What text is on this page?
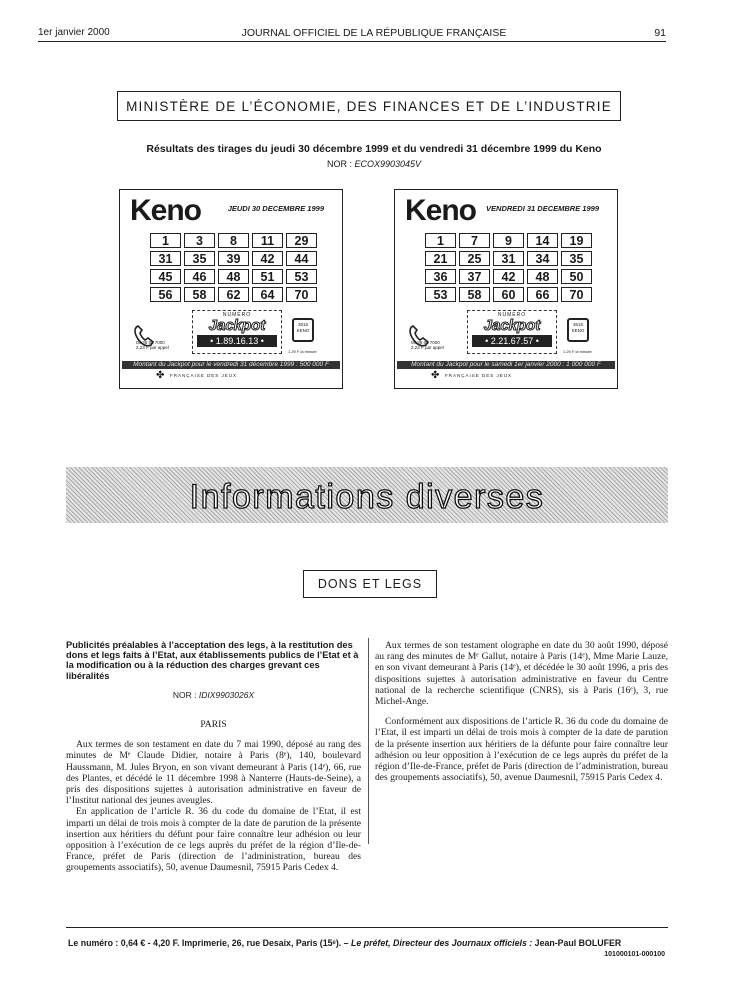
1er janvier 2000	JOURNAL OFFICIEL DE LA RÉPUBLIQUE FRANÇAISE	91
MINISTÈRE DE L’ÉCONOMIE, DES FINANCES ET DE L’INDUSTRIE
Résultats des tirages du jeudi 30 décembre 1999 et du vendredi 31 décembre 1999 du Keno
NOR : ECOX9903045V
Keno	JEUDI 30 DECEMBRE 1999
1	3	8	11	29
31	35	39	42	44
45	46	48	51	53
56	58	62	64	70
08 36 68 7000
2,23 F par appel
NUMERO
Jackpot
• 1.89.16.13 •
3615 KENO
1,29 F la minute
Montant du Jackpot pour le vendredi 31 décembre 1999 : 500 000 F
✤ FRANÇAISE DES JEUX
Keno VENDREDI 31 DECEMBRE 1999
1	7	9	14	19
21	25	31	34	35
36	37	42	48	50
53	58	60	66	70
08 36 68 7000
2,23 F par appel
NUMERO
Jackpot
• 2.21.67.57 •
3615 KENO
1,29 F la minute
Montant du Jackpot pour le samedi 1er janvier 2000 : 1 000 000 F
✤ FRANÇAISE DES JEUX
Informations diverses
DONS ET LEGS

Publicités préalables à l’acceptation des legs, à la restitution des dons et legs faits à l’Etat, aux établissements publics de l’Etat et à la modification ou à la réduction des charges grevant ces libéralités

NOR : IDIX9903026X

PARIS

Aux termes de son testament en date du 7 mai 1990, déposé au rang des minutes de Mᵉ Claude Didier, notaire à Paris (8ᵉ), 140, boulevard Haussmann, M. Jules Bryon, en son vivant demeurant à Paris (14ᵉ), 66, rue des Plantes, et décédé le 11 décembre 1998 à Nanterre (Hauts-de-Seine), a pris des dispositions sujettes à autorisation administrative en faveur de l’Institut national des jeunes aveugles.

En application de l’article R. 36 du code du domaine de l’Etat, il est imparti un délai de trois mois à compter de la date de parution de la présente insertion aux héritiers du défunt pour faire connaître leur adhésion ou leur opposition à l’exécution de ce legs auprès du préfet de la région d’Ile-de-France, préfet de Paris (direction de l’administration, bureau des groupements associatifs), 50, avenue Daumesnil, 75915 Paris Cedex 4.

Aux termes de son testament olographe en date du 30 août 1990, déposé au rang des minutes de Mᵉ Gallut, notaire à Paris (14ᵉ), Mme Marie Lauze, en son vivant demeurant à Paris (14ᵉ), et décédée le 30 août 1996, a pris des dispositions sujettes à autorisation administrative en faveur du Centre national de la recherche scientifique (CNRS), sis à Paris (16ᵉ), 3, rue Michel-Ange.

Conformément aux dispositions de l’article R. 36 du code du domaine de l’Etat, il est imparti un délai de trois mois à compter de la date de parution de la présente insertion aux héritiers de la défunte pour faire connaître leur adhésion ou leur opposition à l’exécution de ce legs auprès du préfet de la région d’Ile-de-France, préfet de Paris (direction de l’administration, bureau des groupements associatifs), 50, avenue Daumesnil, 75915 Paris Cedex 4.

Le numéro : 0,64 € - 4,20 F. Imprimerie, 26, rue Desaix, Paris (15ᵉ). – Le préfet, Directeur des Journaux officiels : Jean-Paul BOLUFER
101000101-000100
